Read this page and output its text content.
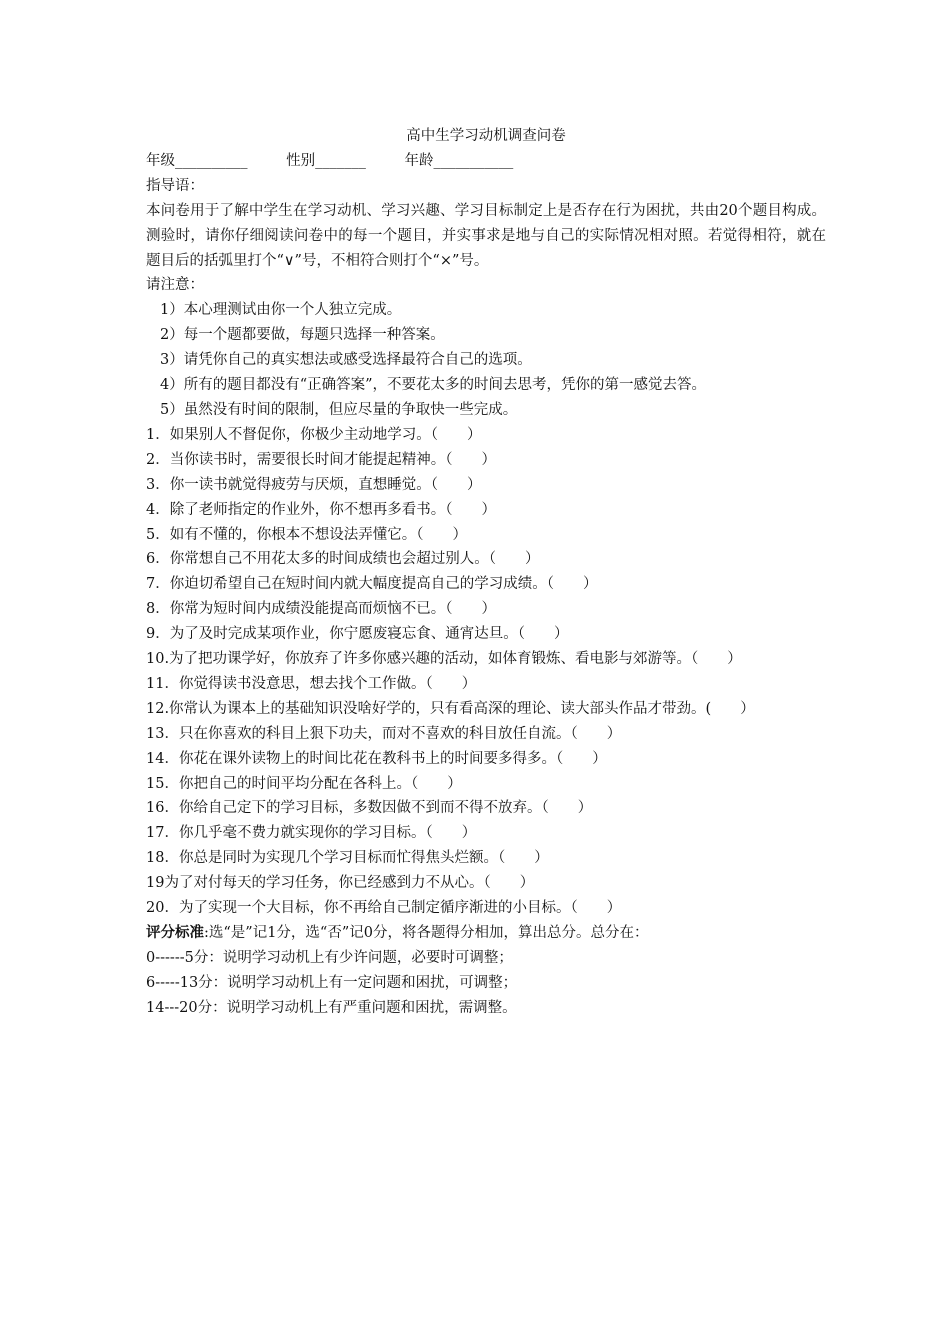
高中生学习动机调查问卷
年级__________	性别_______	年龄___________
指导语：
本问卷用于了解中学生在学习动机、学习兴趣、学习目标制定上是否存在行为困扰，共由20个题目构成。测验时，请你仔细阅读问卷中的每一个题目，并实事求是地与自己的实际情况相对照。若觉得相符，就在题目后的括弧里打个“∨”号，不相符合则打个“×”号。
请注意：
1）本心理测试由你一个人独立完成。
2）每一个题都要做，每题只选择一种答案。
3）请凭你自己的真实想法或感受选择最符合自己的选项。
4）所有的题目都没有“正确答案”，不要花太多的时间去思考，凭你的第一感觉去答。
5）虽然没有时间的限制，但应尽量的争取快一些完成。
1．如果别人不督促你，你极少主动地学习。（　　）
2．当你读书时，需要很长时间才能提起精神。（　　）
3．你一读书就觉得疲劳与厌烦，直想睡觉。（　　）
4．除了老师指定的作业外，你不想再多看书。（　　）
5．如有不懂的，你根本不想设法弄懂它。（　　）
6．你常想自己不用花太多的时间成绩也会超过别人。（　　）
7．你迫切希望自己在短时间内就大幅度提高自己的学习成绩。（　　）
8．你常为短时间内成绩没能提高而烦恼不已。（　　）
9．为了及时完成某项作业，你宁愿废寝忘食、通宵达旦。（　　）
10.为了把功课学好，你放弃了许多你感兴趣的活动，如体育锻炼、看电影与郊游等。（　　）
11．你觉得读书没意思，想去找个工作做。（　　）
12.你常认为课本上的基础知识没啥好学的，只有看高深的理论、读大部头作品才带劲。(　　）
13．只在你喜欢的科目上狠下功夫，而对不喜欢的科目放任自流。（　　）
14．你花在课外读物上的时间比花在教科书上的时间要多得多。（　　）
15．你把自己的时间平均分配在各科上。（　　）
16．你给自己定下的学习目标，多数因做不到而不得不放弃。（　　）
17．你几乎毫不费力就实现你的学习目标。（　　）
18．你总是同时为实现几个学习目标而忙得焦头烂额。（　　）
19为了对付每天的学习任务，你已经感到力不从心。（　　）
20．为了实现一个大目标，你不再给自己制定循序渐进的小目标。（　　）
评分标准:选“是”记1分，选“否”记0分，将各题得分相加，算出总分。总分在：
0------5分：说明学习动机上有少许问题，必要时可调整；
6-----13分：说明学习动机上有一定问题和困扰，可调整；
14---20分：说明学习动机上有严重问题和困扰，需调整。
